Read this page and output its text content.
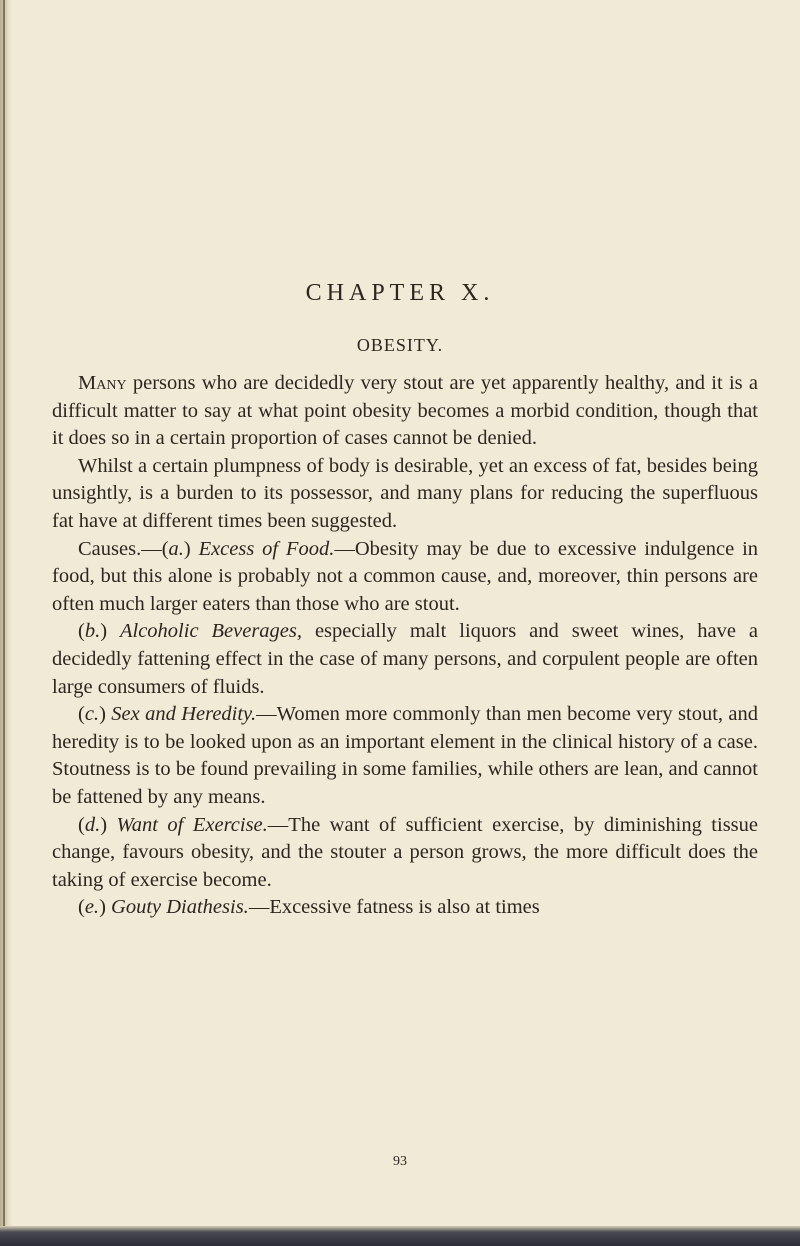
CHAPTER X.
OBESITY.

Many persons who are decidedly very stout are yet apparently healthy, and it is a difficult matter to say at what point obesity becomes a morbid condition, though that it does so in a certain proportion of cases cannot be denied.

Whilst a certain plumpness of body is desirable, yet an excess of fat, besides being unsightly, is a burden to its possessor, and many plans for reducing the superfluous fat have at different times been suggested.

Causes.—(a.) Excess of Food.—Obesity may be due to excessive indulgence in food, but this alone is probably not a common cause, and, moreover, thin persons are often much larger eaters than those who are stout.

(b.) Alcoholic Beverages, especially malt liquors and sweet wines, have a decidedly fattening effect in the case of many persons, and corpulent people are often large consumers of fluids.

(c.) Sex and Heredity.—Women more commonly than men become very stout, and heredity is to be looked upon as an important element in the clinical history of a case. Stoutness is to be found prevailing in some families, while others are lean, and cannot be fattened by any means.

(d.) Want of Exercise.—The want of sufficient exercise, by diminishing tissue change, favours obesity, and the stouter a person grows, the more difficult does the taking of exercise become.

(e.) Gouty Diathesis.—Excessive fatness is also at times

93
